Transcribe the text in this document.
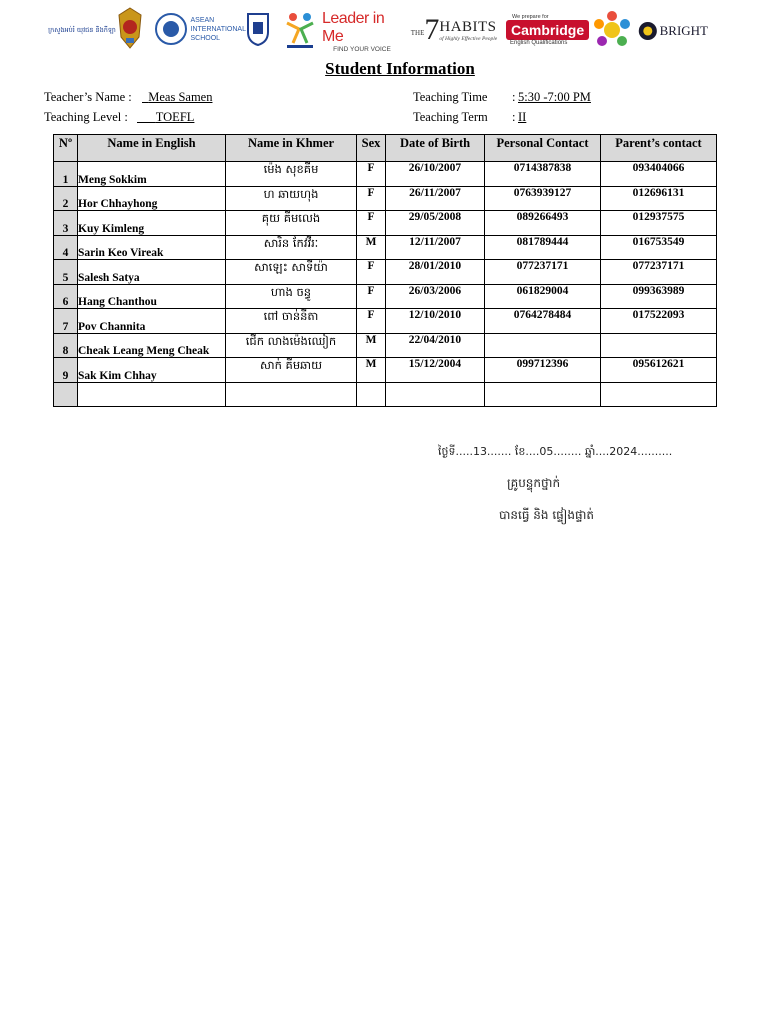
ក្រសួងអប់រំ យុវជន និងកីឡា
ASEAN INTERNATIONAL SCHOOL
Leader in Me
FIND YOUR VOICE
THE 7 HABITS
of Highly Effective People
We prepare for
Cambridge
English Qualifications
BRIGHT
Student Information
Teacher’s Name :	Meas Samen
Teaching Level :	TOEFL
Teaching Time : 5:30 -7:00 PM
Teaching Term : II
Nº	Name in English	Name in Khmer	Sex	Date of Birth	Personal Contact	Parent’s contact
1	Meng Sokkim	ម៉េង សុខគីម	F	26/10/2007	0714387838	093404066
2	Hor Chhayhong	ហ ឆាយហុង	F	26/11/2007	0763939127	012696131
3	Kuy Kimleng	គុយ គីមលេង	F	29/05/2008	089266493	012937575
4	Sarin Keo Vireak	សារិន កែវវីរៈ	M	12/11/2007	081789444	016753549
5	Salesh Satya	សាឡេះ សាទីយ៉ា	F	28/01/2010	077237171	077237171
6	Hang Chanthou	ហាង ចន្ធូ	F	26/03/2006	061829004	099363989
7	Pov Channita	ពៅ ចាន់នីតា	F	12/10/2010	0764278484	017522093
8	Cheak Leang Meng Cheak	ជើក លាងម៉េងឈៀក	M	22/04/2010		
9	Sak Kim Chhay	សាក់ គីមឆាយ	M	15/12/2004	099712396	095612621

ថ្ងៃទី.....13....... ខែ....05........ ឆ្នាំ....2024..........
គ្រូបន្ទុកថ្នាក់
បានធ្វើ និង ផ្ទៀងផ្ទាត់
